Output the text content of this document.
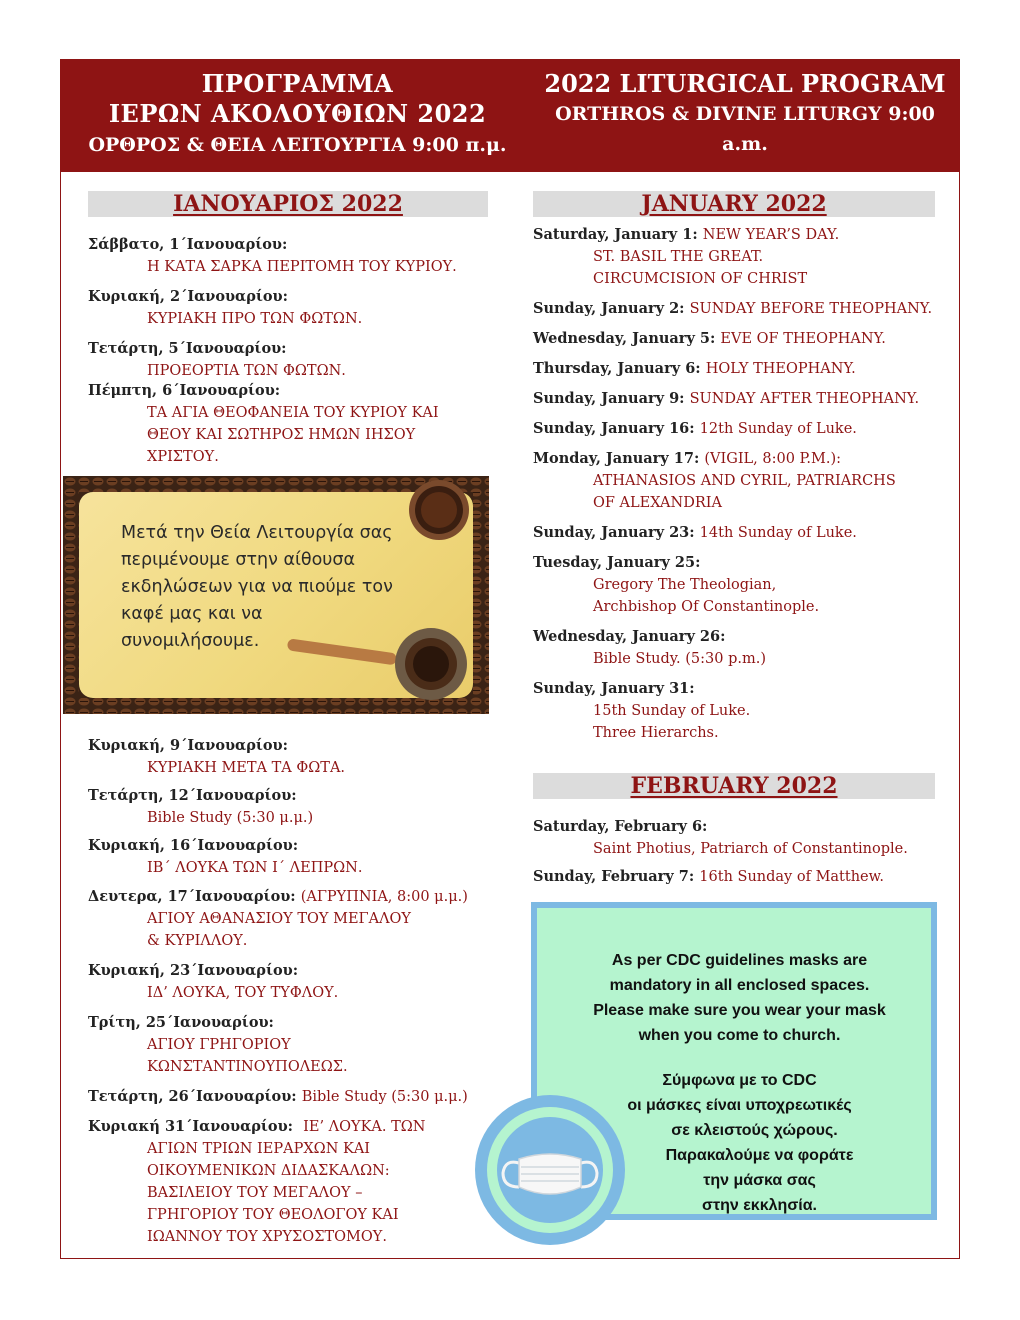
ΠΡΟΓΡΑΜΜΑ
ΙΕΡΩΝ ΑΚΟΛΟΥΘΙΩΝ 2022
ΟΡΘΡΟΣ & ΘΕΙΑ ΛΕΙΤΟΥΡΓΙΑ 9:00 π.μ.
2022 LITURGICAL PROGRAM
ORTHROS & DIVINE LITURGY 9:00 a.m.
ΙΑΝΟΥΑΡΙΟΣ 2022
Σάββατο, 1΄Ιανουαρίου:
Η ΚΑΤΑ ΣΑΡΚΑ ΠΕΡΙΤΟΜΗ ΤΟΥ ΚΥΡΙΟΥ.
Κυριακή, 2΄Ιανουαρίου:
ΚΥΡΙΑΚΗ ΠΡΟ ΤΩΝ ΦΩΤΩΝ.
Τετάρτη, 5΄Ιανουαρίου:
ΠΡΟΕΟΡΤΙΑ ΤΩΝ ΦΩΤΩΝ.
Πέμπτη, 6΄Ιανουαρίου:
ΤΑ ΑΓΙΑ ΘΕΟΦΑΝΕΙΑ ΤΟΥ ΚΥΡΙΟΥ ΚΑΙ
ΘΕΟΥ ΚΑΙ ΣΩΤΗΡΟΣ ΗΜΩΝ ΙΗΣΟΥ
ΧΡΙΣΤΟΥ.
Μετά την Θεία Λειτουργία σας περιμένουμε στην αίθουσα εκδηλώσεων για να πιούμε τον καφέ μας και να συνομιλήσουμε.
Κυριακή, 9΄Ιανουαρίου:
ΚΥΡΙΑΚΗ ΜΕΤΑ ΤΑ ΦΩΤΑ.
Τετάρτη, 12΄Ιανουαρίου:
Bible Study (5:30 μ.μ.)
Κυριακή, 16΄Ιανουαρίου:
ΙΒ΄ ΛΟΥΚΑ ΤΩΝ Ι΄ ΛΕΠΡΩΝ.
Δευτερα, 17΄Ιανουαρίου: (ΑΓΡΥΠΝΙΑ, 8:00 μ.μ.)
ΑΓΙΟΥ ΑΘΑΝΑΣΙΟΥ ΤΟΥ ΜΕΓΑΛΟΥ
& ΚΥΡΙΛΛΟΥ.
Κυριακή, 23΄Ιανουαρίου:
ΙΔ’ ΛΟΥΚΑ, ΤΟΥ ΤΥΦΛΟΥ.
Τρίτη, 25΄Ιανουαρίου:
ΑΓΙΟΥ ΓΡΗΓΟΡΙΟΥ
ΚΩΝΣΤΑΝΤΙΝΟΥΠΟΛΕΩΣ.
Τετάρτη, 26΄Ιανουαρίου: Bible Study (5:30 μ.μ.)
Κυριακή 31΄Ιανουαρίου: ΙΕ’ ΛΟΥΚΑ. ΤΩΝ
ΑΓΙΩΝ ΤΡΙΩΝ ΙΕΡΑΡΧΩΝ ΚΑΙ
ΟΙΚΟΥΜΕΝΙΚΩΝ ΔΙΔΑΣΚΑΛΩΝ:
ΒΑΣΙΛΕΙΟΥ ΤΟΥ ΜΕΓΑΛΟΥ –
ΓΡΗΓΟΡΙΟΥ ΤΟΥ ΘΕΟΛΟΓΟΥ ΚΑΙ
ΙΩΑΝΝΟΥ ΤΟΥ ΧΡΥΣΟΣΤΟΜΟΥ.
JANUARY 2022
Saturday, January 1: NEW YEAR’S DAY.
ST. BASIL THE GREAT.
CIRCUMCISION OF CHRIST
Sunday, January 2: SUNDAY BEFORE THEOPHANY.
Wednesday, January 5: EVE OF THEOPHANY.
Thursday, January 6: HOLY THEOPHANY.
Sunday, January 9: SUNDAY AFTER THEOPHANY.
Sunday, January 16: 12th Sunday of Luke.
Monday, January 17: (VIGIL, 8:00 P.M.):
ATHANASIOS AND CYRIL, PATRIARCHS
OF ALEXANDRIA
Sunday, January 23: 14th Sunday of Luke.
Tuesday, January 25:
Gregory The Theologian,
Archbishop Of Constantinople.
Wednesday, January 26:
Bible Study. (5:30 p.m.)
Sunday, January 31:
15th Sunday of Luke.
Three Hierarchs.
FEBRUARY 2022
Saturday, February 6:
Saint Photius, Patriarch of Constantinople.
Sunday, February 7: 16th Sunday of Matthew.
As per CDC guidelines masks are
mandatory in all enclosed spaces.
Please make sure you wear your mask
when you come to church.
Σύμφωνα με το CDC
οι μάσκες είναι υποχρεωτικές
σε κλειστούς χώρους.
Παρακαλούμε να φοράτε
την μάσκα σας
στην εκκλησία.
